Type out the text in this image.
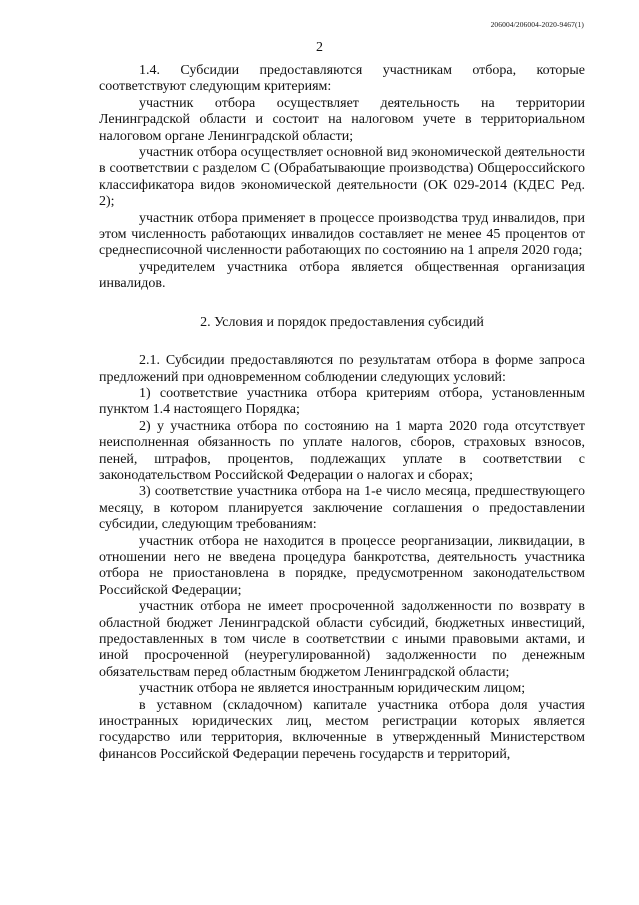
206004/206004-2020-9467(1)
2

1.4. Субсидии предоставляются участникам отбора, которые соответствуют следующим критериям:

участник отбора осуществляет деятельность на территории Ленинградской области и состоит на налоговом учете в территориальном налоговом органе Ленинградской области;

участник отбора осуществляет основной вид экономической деятельности в соответствии с разделом С (Обрабатывающие производства) Общероссийского классификатора видов экономической деятельности (ОК 029-2014 (КДЕС Ред. 2);

участник отбора применяет в процессе производства труд инвалидов, при этом численность работающих инвалидов составляет не менее 45 процентов от среднесписочной численности работающих по состоянию на 1 апреля 2020 года;

учредителем участника отбора является общественная организация инвалидов.

2. Условия и порядок предоставления субсидий

2.1. Субсидии предоставляются по результатам отбора в форме запроса предложений при одновременном соблюдении следующих условий:

1) соответствие участника отбора критериям отбора, установленным пунктом 1.4 настоящего Порядка;

2) у участника отбора по состоянию на 1 марта 2020 года отсутствует неисполненная обязанность по уплате налогов, сборов, страховых взносов, пеней, штрафов, процентов, подлежащих уплате в соответствии с законодательством Российской Федерации о налогах и сборах;

3) соответствие участника отбора на 1-е число месяца, предшествующего месяцу, в котором планируется заключение соглашения о предоставлении субсидии, следующим требованиям:

участник отбора не находится в процессе реорганизации, ликвидации, в отношении него не введена процедура банкротства, деятельность участника отбора не приостановлена в порядке, предусмотренном законодательством Российской Федерации;

участник отбора не имеет просроченной задолженности по возврату в областной бюджет Ленинградской области субсидий, бюджетных инвестиций, предоставленных в том числе в соответствии с иными правовыми актами, и иной просроченной (неурегулированной) задолженности по денежным обязательствам перед областным бюджетом Ленинградской области;

участник отбора не является иностранным юридическим лицом;

в уставном (складочном) капитале участника отбора доля участия иностранных юридических лиц, местом регистрации которых является государство или территория, включенные в утвержденный Министерством финансов Российской Федерации перечень государств и территорий,
